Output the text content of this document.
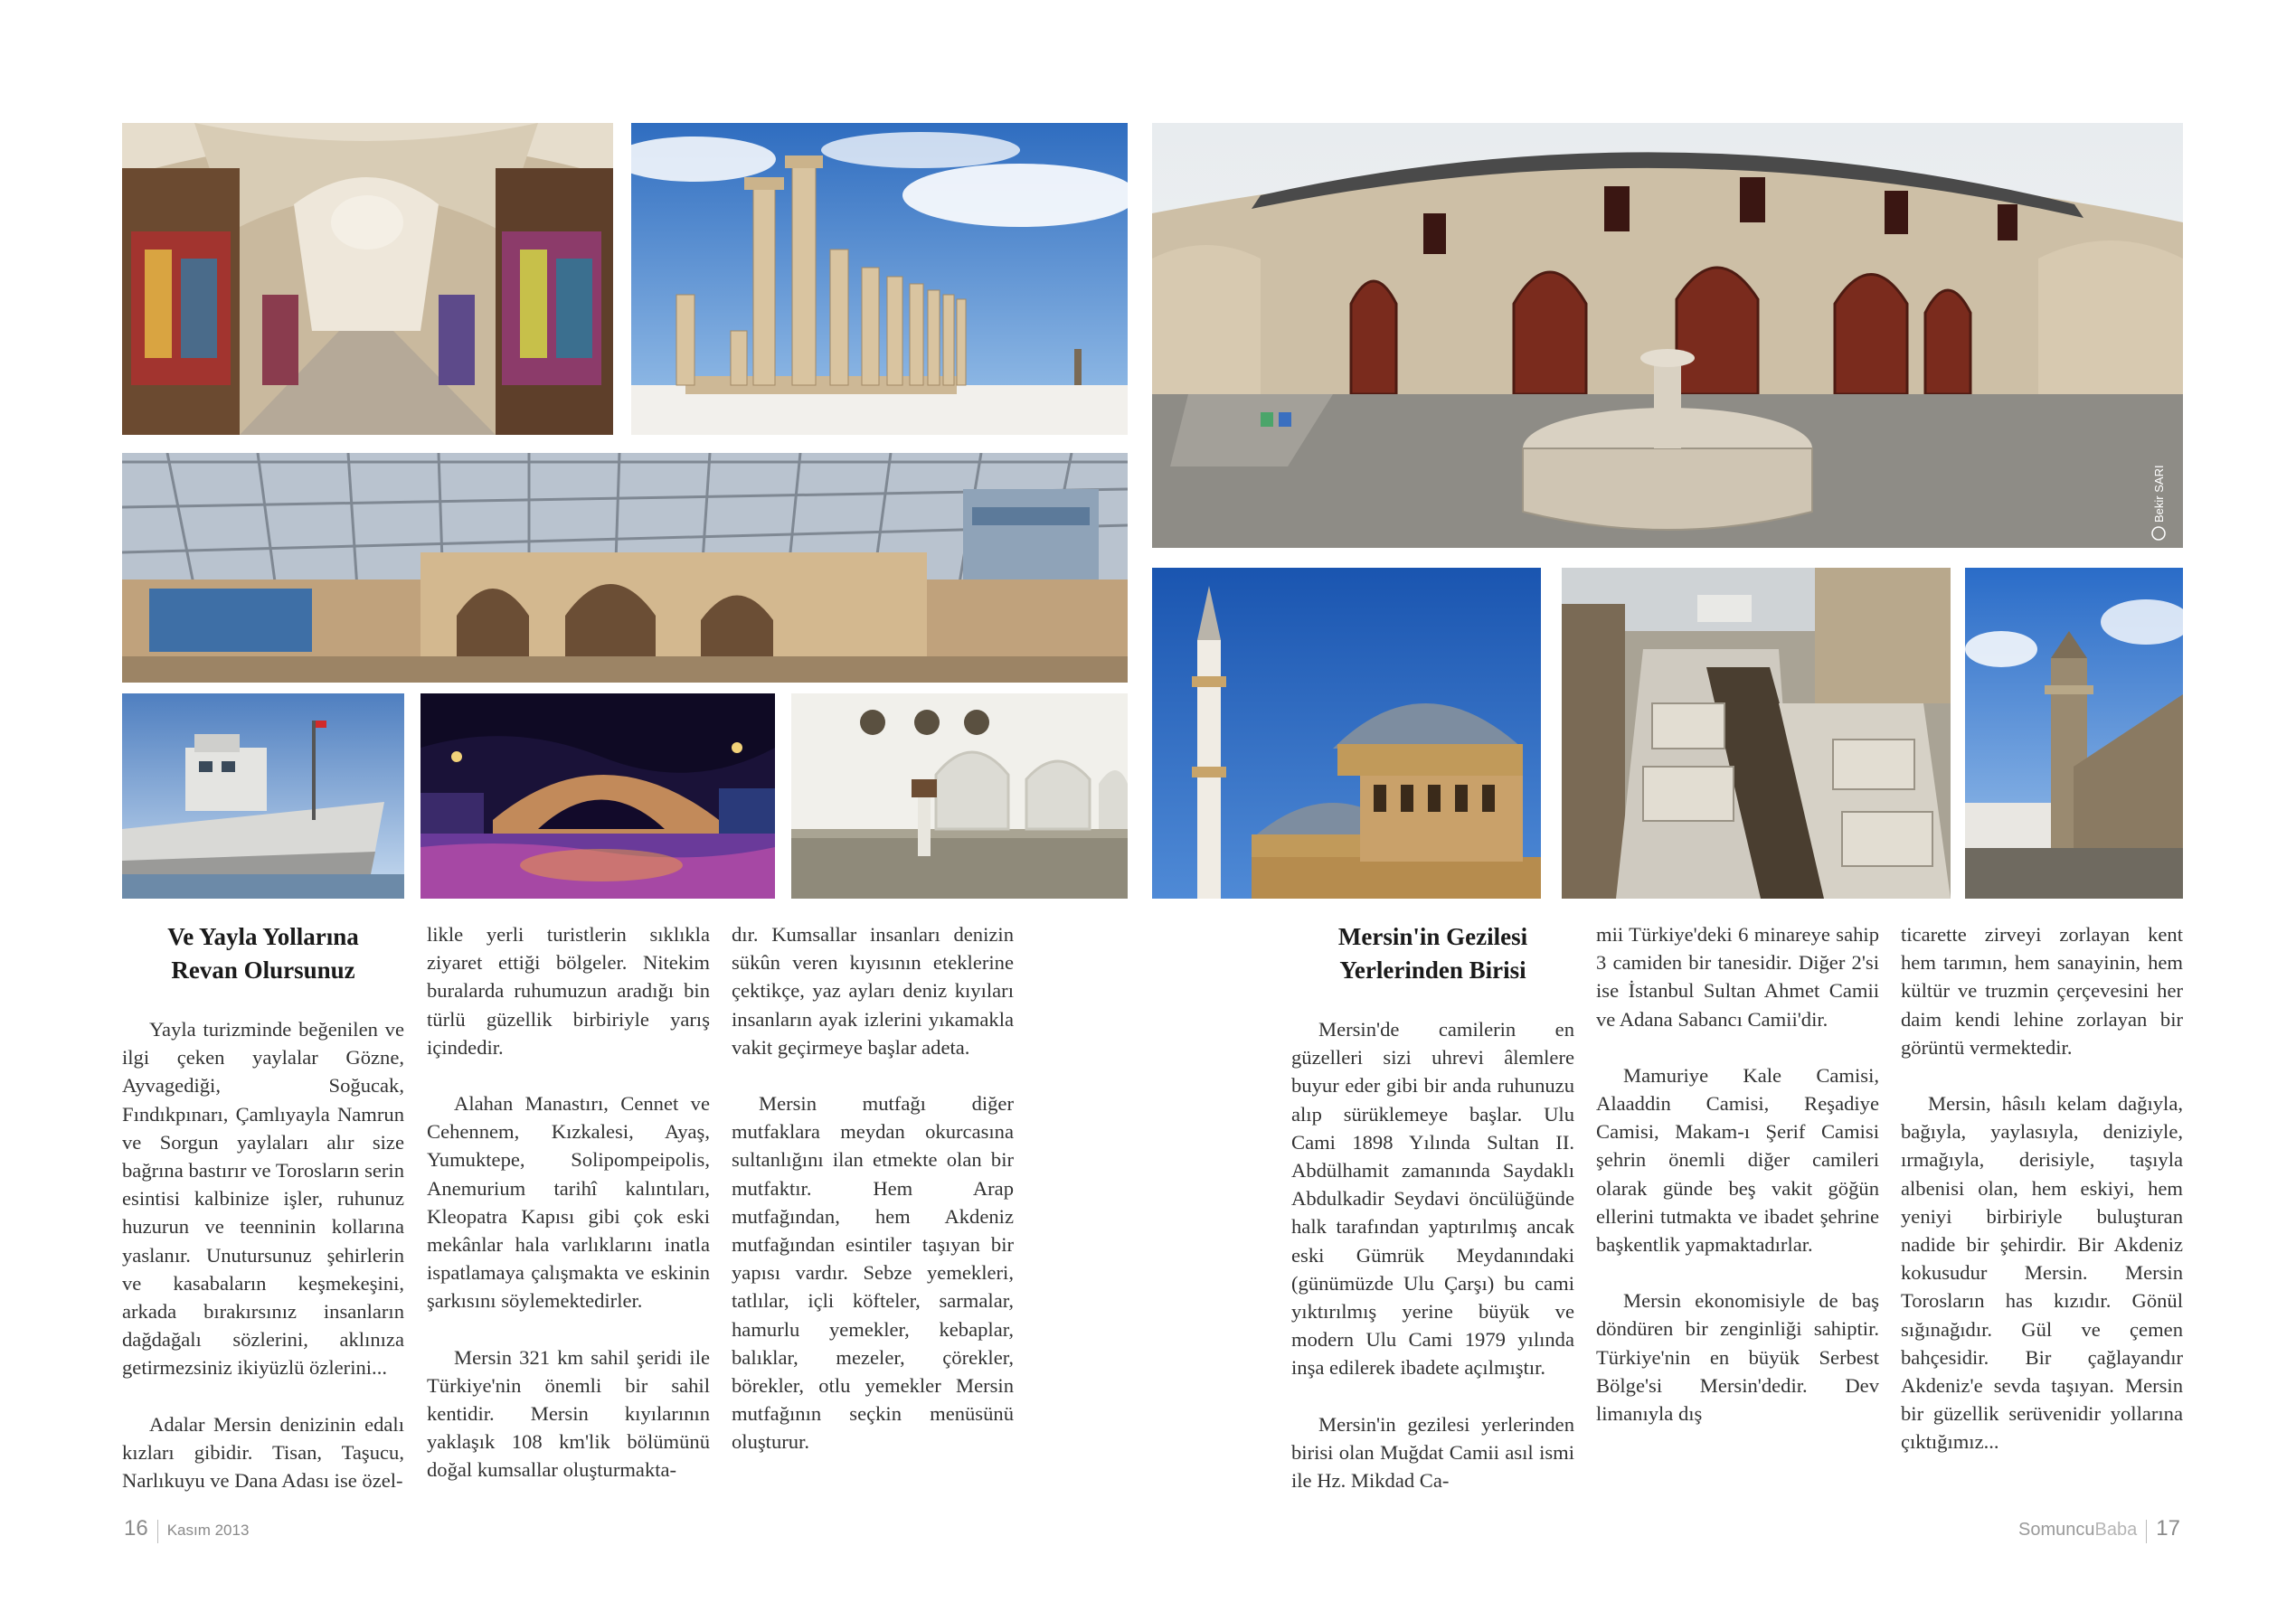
Bekir SARI
Ve Yayla Yollarına
Revan Olursunuz

Yayla turizminde beğenilen ve ilgi çeken yaylalar Gözne, Ayvagediği, Soğucak, Fındıkpınarı, Çamlıyayla Namrun ve Sorgun yaylaları alır size bağrına bastırır ve Torosların serin esintisi kalbinize işler, ruhunuz huzurun ve teenninin kollarına yaslanır. Unutursunuz şehirlerin ve kasabaların keşmekeşini, arkada bırakırsınız insanların dağdağalı sözlerini, aklınıza getirmezsiniz ikiyüzlü özlerini...

Adalar Mersin denizinin edalı kızları gibidir. Tisan, Taşucu, Narlıkuyu ve Dana Adası ise özel-

likle yerli turistlerin sıklıkla ziyaret ettiği bölgeler. Nitekim buralarda ruhumuzun aradığı bin türlü güzellik birbiriyle yarış içindedir.

Alahan Manastırı, Cennet ve Cehennem, Kızkalesi, Ayaş, Yumuktepe, Solipompeipolis, Anemurium tarihî kalıntıları, Kleopatra Kapısı gibi çok eski mekânlar hala varlıklarını inatla ispatlamaya çalışmakta ve eskinin şarkısını söylemektedirler.

Mersin 321 km sahil şeridi ile Türkiye'nin önemli bir sahil kentidir. Mersin kıyılarının yaklaşık 108 km'lik bölümünü doğal kumsallar oluşturmakta-

dır. Kumsallar insanları denizin sükûn veren kıyısının eteklerine çektikçe, yaz ayları deniz kıyıları insanların ayak izlerini yıkamakla vakit geçirmeye başlar adeta.

Mersin mutfağı diğer mutfaklara meydan okurcasına sultanlığını ilan etmekte olan bir mutfaktır. Hem Arap mutfağından, hem Akdeniz mutfağından esintiler taşıyan bir yapısı vardır. Sebze yemekleri, tatlılar, içli köfteler, sarmalar, hamurlu yemekler, kebaplar, balıklar, mezeler, çörekler, börekler, otlu yemekler Mersin mutfağının seçkin menüsünü oluşturur.

Mersin'in Gezilesi
Yerlerinden Birisi

Mersin'de camilerin en güzelleri sizi uhrevi âlemlere buyur eder gibi bir anda ruhunuzu alıp sürüklemeye başlar. Ulu Cami 1898 Yılında Sultan II. Abdülhamit zamanında Saydaklı Abdulkadir Seydavi öncülüğünde halk tarafından yaptırılmış ancak eski Gümrük Meydanındaki (günümüzde Ulu Çarşı) bu cami yıktırılmış yerine büyük ve modern Ulu Cami 1979 yılında inşa edilerek ibadete açılmıştır.

Mersin'in gezilesi yerlerinden birisi olan Muğdat Camii asıl ismi ile Hz. Mikdad Ca-

mii Türkiye'deki 6 minareye sahip 3 camiden bir tanesidir. Diğer 2'si ise İstanbul Sultan Ahmet Camii ve Adana Sabancı Camii'dir.

Mamuriye Kale Camisi, Alaaddin Camisi, Reşadiye Camisi, Makam-ı Şerif Camisi şehrin önemli diğer camileri olarak günde beş vakit göğün ellerini tutmakta ve ibadet şehrine başkentlik yapmaktadırlar.

Mersin ekonomisiyle de baş döndüren bir zenginliği sahiptir. Türkiye'nin en büyük Serbest Bölge'si Mersin'dedir. Dev limanıyla dış

ticarette zirveyi zorlayan kent hem tarımın, hem sanayinin, hem kültür ve truzmin çerçevesini her daim kendi lehine zorlayan bir görüntü vermektedir.

Mersin, hâsılı kelam dağıyla, bağıyla, yaylasıyla, deniziyle, ırmağıyla, derisiyle, taşıyla albenisi olan, hem eskiyi, hem yeniyi birbiriyle buluşturan nadide bir şehirdir. Bir Akdeniz kokusudur Mersin. Mersin Torosların has kızıdır. Gönül sığınağıdır. Gül ve çemen bahçesidir. Bir çağlayandır Akdeniz'e sevda taşıyan. Mersin bir güzellik serüvenidir yollarına çıktığımız...

16 Kasım 2013	SomuncuBaba 17
